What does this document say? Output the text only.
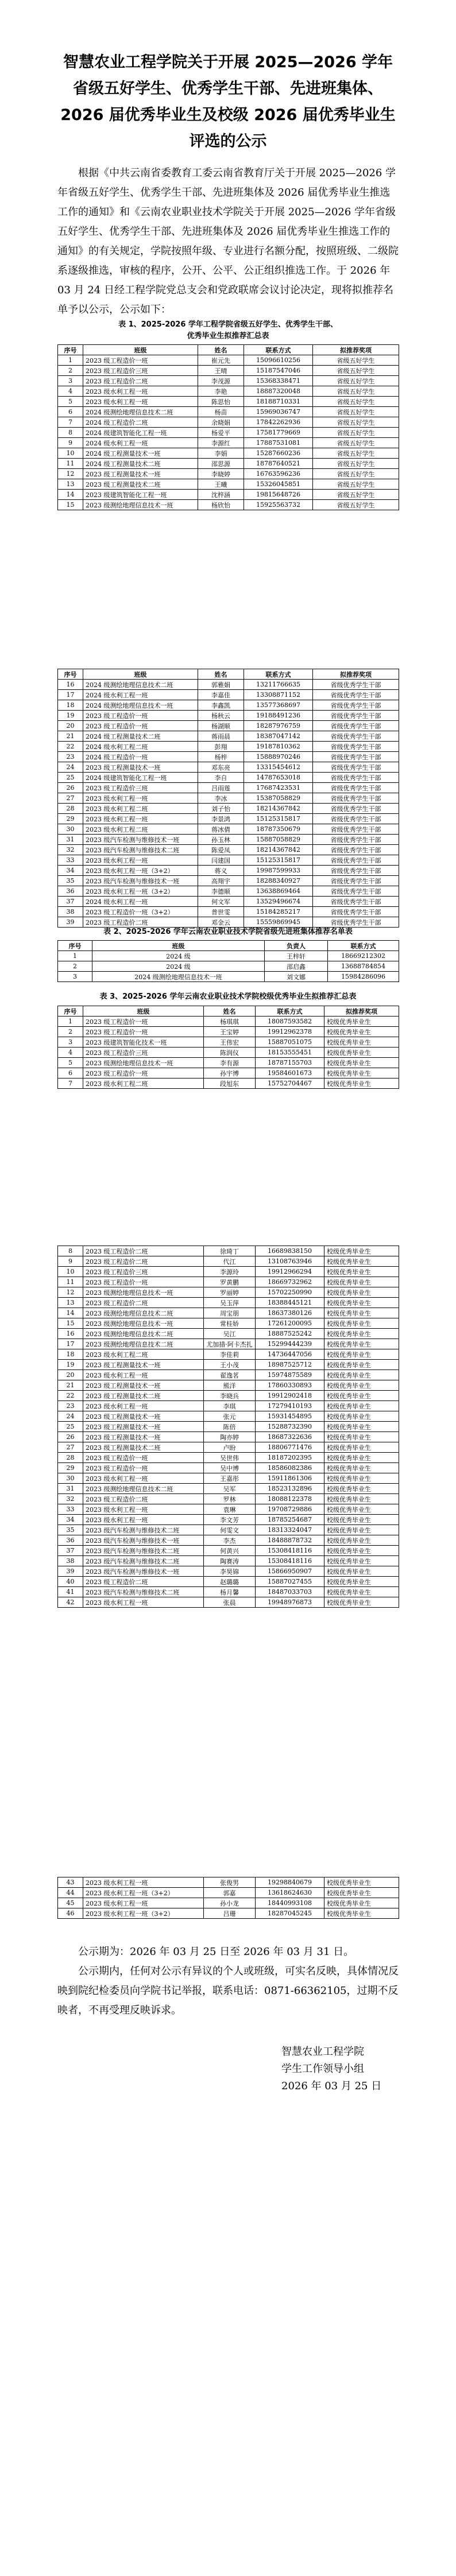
智慧农业工程学院关于开展 2025—2026 学年
省级五好学生、优秀学生干部、先进班集体、
2026 届优秀毕业生及校级 2026 届优秀毕业生
评选的公示

根据《中共云南省委教育工委云南省教育厅关于开展 2025—2026 学年省级五好学生、优秀学生干部、先进班集体及 2026 届优秀毕业生推选工作的通知》和《云南农业职业技术学院关于开展 2025—2026 学年省级五好学生、优秀学生干部、先进班集体及 2026 届优秀毕业生推选工作的通知》的有关规定，学院按照年级、专业进行名额分配，按照班级、二级院系逐级推选，审核的程序，公开、公平、公正组织推选工作。于 2026 年 03 月 24 日经工程学院党总支会和党政联席会议讨论决定，现将拟推荐名单予以公示，公示如下：

表 1、2025-2026 学年工程学院省级五好学生、优秀学生干部、
优秀毕业生拟推荐汇总表
序号	班级	姓名	联系方式	拟推荐奖项
1	2023 级工程造价一班	崔元先	15096610256	省级五好学生
2	2023 级工程造价三班	王晴	15187547046	省级五好学生
3	2023 级工程造价二班	李茂源	15368338471	省级五好学生
4	2023 级水利工程一班	李艳	18887320048	省级五好学生
5	2023 级水利工程一班	陈思怡	18188710331	省级五好学生
6	2024 级测绘地理信息技术二班	杨苗	15969036747	省级五好学生
7	2024 级工程造价二班	余晓娟	17842262936	省级五好学生
8	2024 级建筑智能化工程一班	杨爱平	17581779669	省级五好学生
9	2024 级水利工程一班	李源红	17887531081	省级五好学生
10	2024 级工程测量技术一班	李娟	15287660236	省级五好学生
11	2024 级工程测量技术二班	邵思源	18787640521	省级五好学生
12	2023 级工程测量技术一班	李晓婷	16763596236	省级五好学生
13	2023 级工程测量技术二班	王曦	15326045851	省级五好学生
14	2023 级建筑智能化工程一班	沈梓涵	19815648726	省级五好学生
15	2023 级测绘地理信息技术一班	杨欣怡	15925563732	省级五好学生
序号	班级	姓名	联系方式	拟推荐奖项
16	2024 级测绘地理信息技术二班	郭雅娟	13211766635	省级优秀学生干部
17	2024 级水利工程一班	李嘉佳	13308871152	省级优秀学生干部
18	2024 级测绘地理信息技术一班	李鑫凯	13577368697	省级优秀学生干部
19	2023 级工程造价一班	杨秋云	19188491236	省级优秀学生干部
20	2023 级工程造价一班	杨湖顺	18287976759	省级优秀学生干部
21	2024 级工程测量技术二班	蒋雨晨	18387047142	省级优秀学生干部
22	2024 级水利工程二班	彭翔	19187810362	省级优秀学生干部
23	2024 级工程造价一班	杨梓	15888970246	省级优秀学生干部
24	2023 级工程测量技术一班	邓东亮	13315454612	省级优秀学生干部
25	2024 级建筑智能化工程一班	李自	14787653018	省级优秀学生干部
26	2023 级工程造价三班	吕雨莲	17687423531	省级优秀学生干部
27	2023 级水利工程一班	李冰	15387058829	省级优秀学生干部
28	2023 级水利工程二班	刘子怡	18214367842	省级优秀学生干部
29	2023 级水利工程一班	李景鸿	15125315817	省级优秀学生干部
30	2023 级水利工程二班	蒋冰倩	18787350679	省级优秀学生干部
31	2023 级汽车检测与维修技术一班	孙玉林	15887058829	省级优秀学生干部
32	2023 级汽车检测与维修技术二班	陈爱凤	18214367842	省级优秀学生干部
33	2023 级水利工程一班	闫建国	15125315817	省级优秀学生干部
34	2023 级水利工程一班（3+2）	蒋义	19987599933	省级优秀学生干部
35	2023 级汽车检测与维修技术一班	高翔宇	18288340927	省级优秀学生干部
36	2023 级水利工程一班（3+2）	李德顺	13638869464	省级优秀学生干部
37	2024 级水利工程一班	何文军	13529496674	省级优秀学生干部
38	2023 级工程造价一班（3+2）	普世雯	15184285217	省级优秀学生干部
39	2023 级工程造价二班	邓金云	15559869945	省级优秀学生干部
表 2、2025-2026 学年云南农业职业技术学院省级先进班集体推荐名单表
序号	班级	负责人	联系方式
1	2024 级	王梓轩	18669212302
2	2024 级	邵启鑫	13688784854
3	2024 级测绘地理信息技术一班	刘文娜	15984286096
表 3、2025-2026 学年云南农业职业技术学院校级优秀毕业生拟推荐汇总表
序号	班级	姓名	联系方式	拟推荐奖项
1	2023 级工程造价一班	杨琪琪	18087593582	校级优秀毕业生
2	2023 级工程造价一班	王宝婷	19912962378	校级优秀毕业生
3	2023 级建筑智能化技术一班	王伟宏	15887051075	校级优秀毕业生
4	2023 级工程造价三班	陈润仪	18153555451	校级优秀毕业生
5	2023 级测绘地理信息技术一班	李有源	18787155703	校级优秀毕业生
6	2023 级工程造价一班	孙宇博	19584601673	校级优秀毕业生
7	2023 级水利工程二班	段旭东	15752704467	校级优秀毕业生
8	2023 级工程造价二班	徐琦丁	16689838150	校级优秀毕业生
9	2023 级工程造价二班	代江	13108763946	校级优秀毕业生
10	2023 级工程造价三班	李源玲	19912966294	校级优秀毕业生
11	2023 级工程造价一班	罗黄鹏	18669732962	校级优秀毕业生
12	2023 级测绘地理信息技术一班	罗丽婷	15702250990	校级优秀毕业生
13	2023 级工程造价二班	吴玉萍	18388445121	校级优秀毕业生
14	2023 级测绘地理信息技术二班	周宝朋	18637380126	校级优秀毕业生
15	2023 级测绘地理信息技术一班	常桂娇	17261200095	校级优秀毕业生
16	2023 级测绘地理信息技术二班	吴江	18887525242	校级优秀毕业生
17	2023 级测绘地理信息技术二班	尤加措·阿卡杰扎	15299444239	校级优秀毕业生
18	2023 级水利工程二班	李佳莉	14736447056	校级优秀毕业生
19	2023 级工程测量技术一班	王小茂	18987525712	校级优秀毕业生
20	2023 级水利工程一班	翟逸茗	15974875589	校级优秀毕业生
21	2023 级工程测量技术一班	熊洋	17860330893	校级优秀毕业生
22	2023 级工程测量技术二班	李晓兵	19912902418	校级优秀毕业生
23	2023 级水利工程一班	李琪	17279410193	校级优秀毕业生
24	2023 级工程测量技术一班	张元	15931454895	校级优秀毕业生
25	2023 级工程测量技术一班	陈倍	15288732390	校级优秀毕业生
26	2023 级工程测量技术一班	陶亦婷	18687322636	校级优秀毕业生
27	2023 级工程测量技术二班	卢盼	18806771476	校级优秀毕业生
28	2023 级工程造价一班	吴世伟	18187202395	校级优秀毕业生
29	2023 级工程造价一班	吴中博	18586082386	校级优秀毕业生
30	2023 级水利工程一班	王嘉彤	15911861306	校级优秀毕业生
31	2023 级测绘地理信息技术二班	吴军	18523132896	校级优秀毕业生
32	2023 级工程造价二班	罗林	18088122378	校级优秀毕业生
33	2023 级水利工程一班	袁琳	19708729886	校级优秀毕业生
34	2023 级水利工程一班	李文芳	18785254687	校级优秀毕业生
35	2023 级汽车检测与维修技术二班	何雯文	18313324047	校级优秀毕业生
36	2023 级汽车检测与维修技术一班	李杰	18488878732	校级优秀毕业生
37	2023 级汽车检测与维修技术二班	何黄兴	15308418116	校级优秀毕业生
38	2023 级汽车检测与维修技术二班	陶赛涛	15308418116	校级优秀毕业生
39	2023 级汽车检测与维修技术一班	李昊锦	15866950907	校级优秀毕业生
40	2023 级工程造价二班	赵璐璐	15887027455	校级优秀毕业生
41	2023 级汽车检测与维修技术二班	杨月馨	18487033703	校级优秀毕业生
42	2023 级水利工程一班	张晨	19948976873	校级优秀毕业生
43	2023 级水利工程一班	张俊男	19298840679	校级优秀毕业生
44	2023 级水利工程一班（3+2）	郭嘉	13618624630	校级优秀毕业生
45	2023 级水利工程一班	孙小龙	18440993108	校级优秀毕业生
46	2023 级水利工程一班（3+2）	吕珊	18287045245	校级优秀毕业生

公示期为：2026 年 03 月 25 日至 2026 年 03 月 31 日。

公示期内，任何对公示有异议的个人或班级，可实名反映，具体情况反映到院纪检委员向学院书记举报，联系电话：0871-66362105，过期不反映者，不再受理反映诉求。

智慧农业工程学院
学生工作领导小组
2026 年 03 月 25 日
